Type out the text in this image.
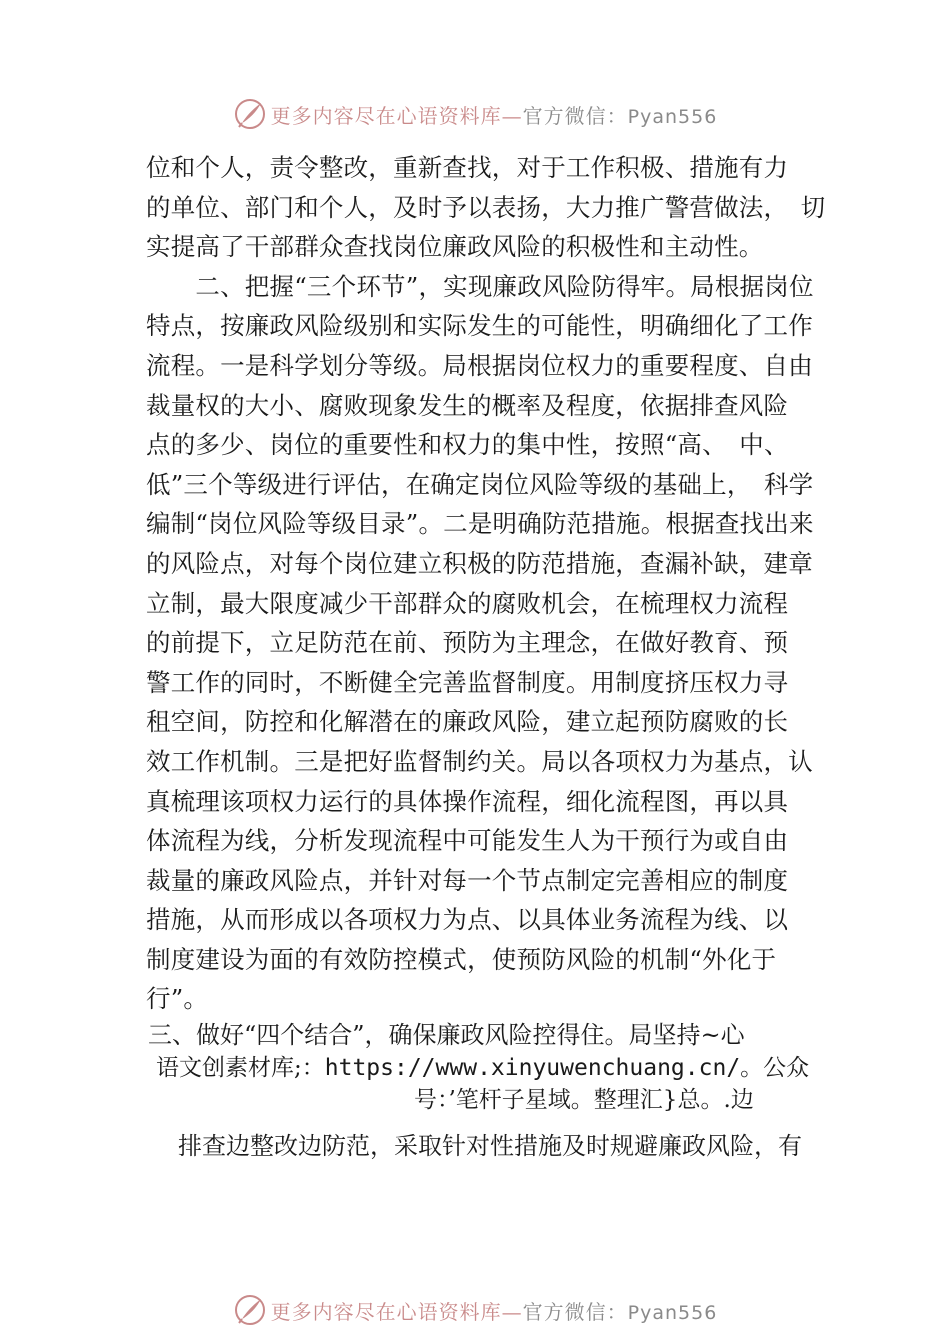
更多内容尽在心语资料库—官方微信：Pyan556
位和个人，责令整改，重新查找，对于工作积极、措施有力
的单位、部门和个人，及时予以表扬，大力推广警营做法，　切
实提高了干部群众查找岗位廉政风险的积极性和主动性。
　　二、把握“三个环节”，实现廉政风险防得牢。局根据岗位
特点，按廉政风险级别和实际发生的可能性，明确细化了工作
流程。一是科学划分等级。局根据岗位权力的重要程度、自由
裁量权的大小、腐败现象发生的概率及程度，依据排查风险
点的多少、岗位的重要性和权力的集中性，按照“高、　中、
低”三个等级进行评估，在确定岗位风险等级的基础上，　科学
编制“岗位风险等级目录”。二是明确防范措施。根据查找出来
的风险点，对每个岗位建立积极的防范措施，查漏补缺，建章
立制，最大限度减少干部群众的腐败机会，在梳理权力流程
的前提下，立足防范在前、预防为主理念，在做好教育、预
警工作的同时，不断健全完善监督制度。用制度挤压权力寻
租空间，防控和化解潜在的廉政风险，建立起预防腐败的长
效工作机制。三是把好监督制约关。局以各项权力为基点，认
真梳理该项权力运行的具体操作流程，细化流程图，再以具
体流程为线，分析发现流程中可能发生人为干预行为或自由
裁量的廉政风险点，并针对每一个节点制定完善相应的制度
措施，从而形成以各项权力为点、以具体业务流程为线、以
制度建设为面的有效防控模式，使预防风险的机制“外化于
行”。
三、做好“四个结合”，确保廉政风险控得住。局坚持~心
语文创素材库;：https://www.xinyuwenchuang.cn/。公众
号：’笔杆子星域。整理汇}总。.边
排查边整改边防范，采取针对性措施及时规避廉政风险，有
更多内容尽在心语资料库—官方微信：Pyan556
